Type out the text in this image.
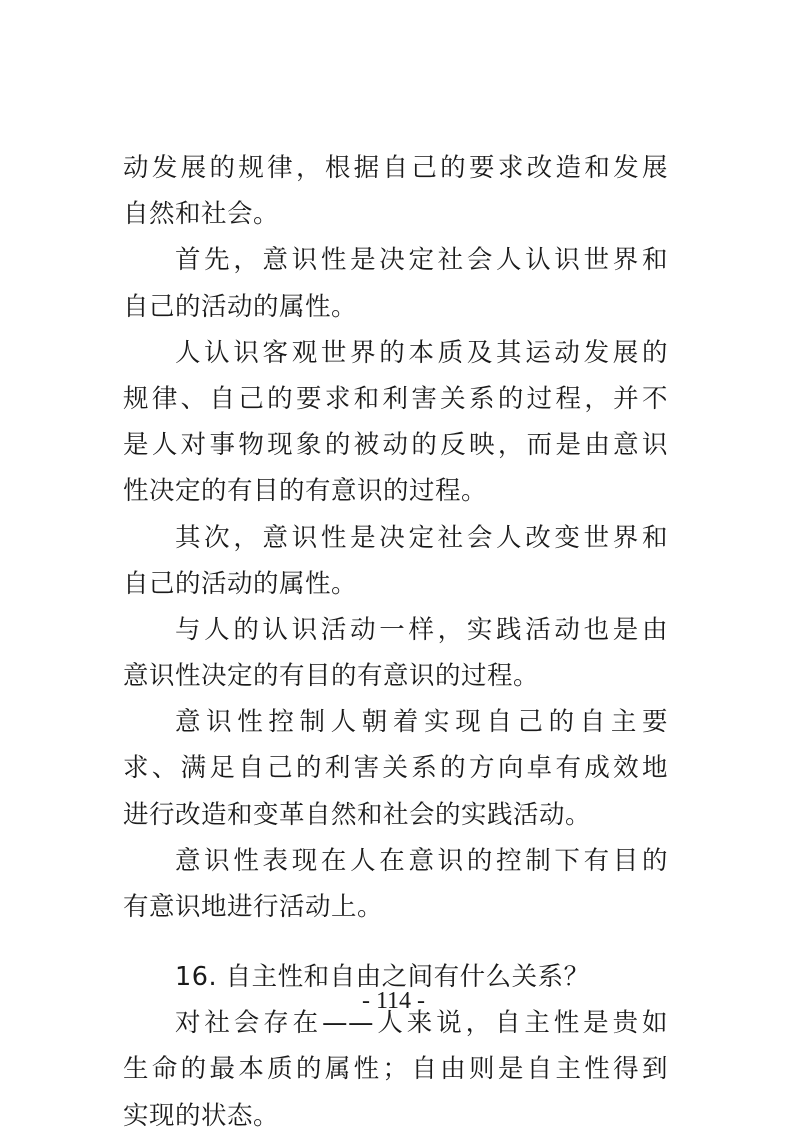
动发展的规律，根据自己的要求改造和发展
自然和社会。
首先，意识性是决定社会人认识世界和
自己的活动的属性。
人认识客观世界的本质及其运动发展的
规律、自己的要求和利害关系的过程，并不
是人对事物现象的被动的反映，而是由意识
性决定的有目的有意识的过程。
其次，意识性是决定社会人改变世界和
自己的活动的属性。
与人的认识活动一样，实践活动也是由
意识性决定的有目的有意识的过程。
意识性控制人朝着实现自己的自主要
求、满足自己的利害关系的方向卓有成效地
进行改造和变革自然和社会的实践活动。
意识性表现在人在意识的控制下有目的
有意识地进行活动上。
16. 自主性和自由之间有什么关系？
对社会存在——人来说，自主性是贵如
生命的最本质的属性；自由则是自主性得到
实现的状态。
- 114 -
